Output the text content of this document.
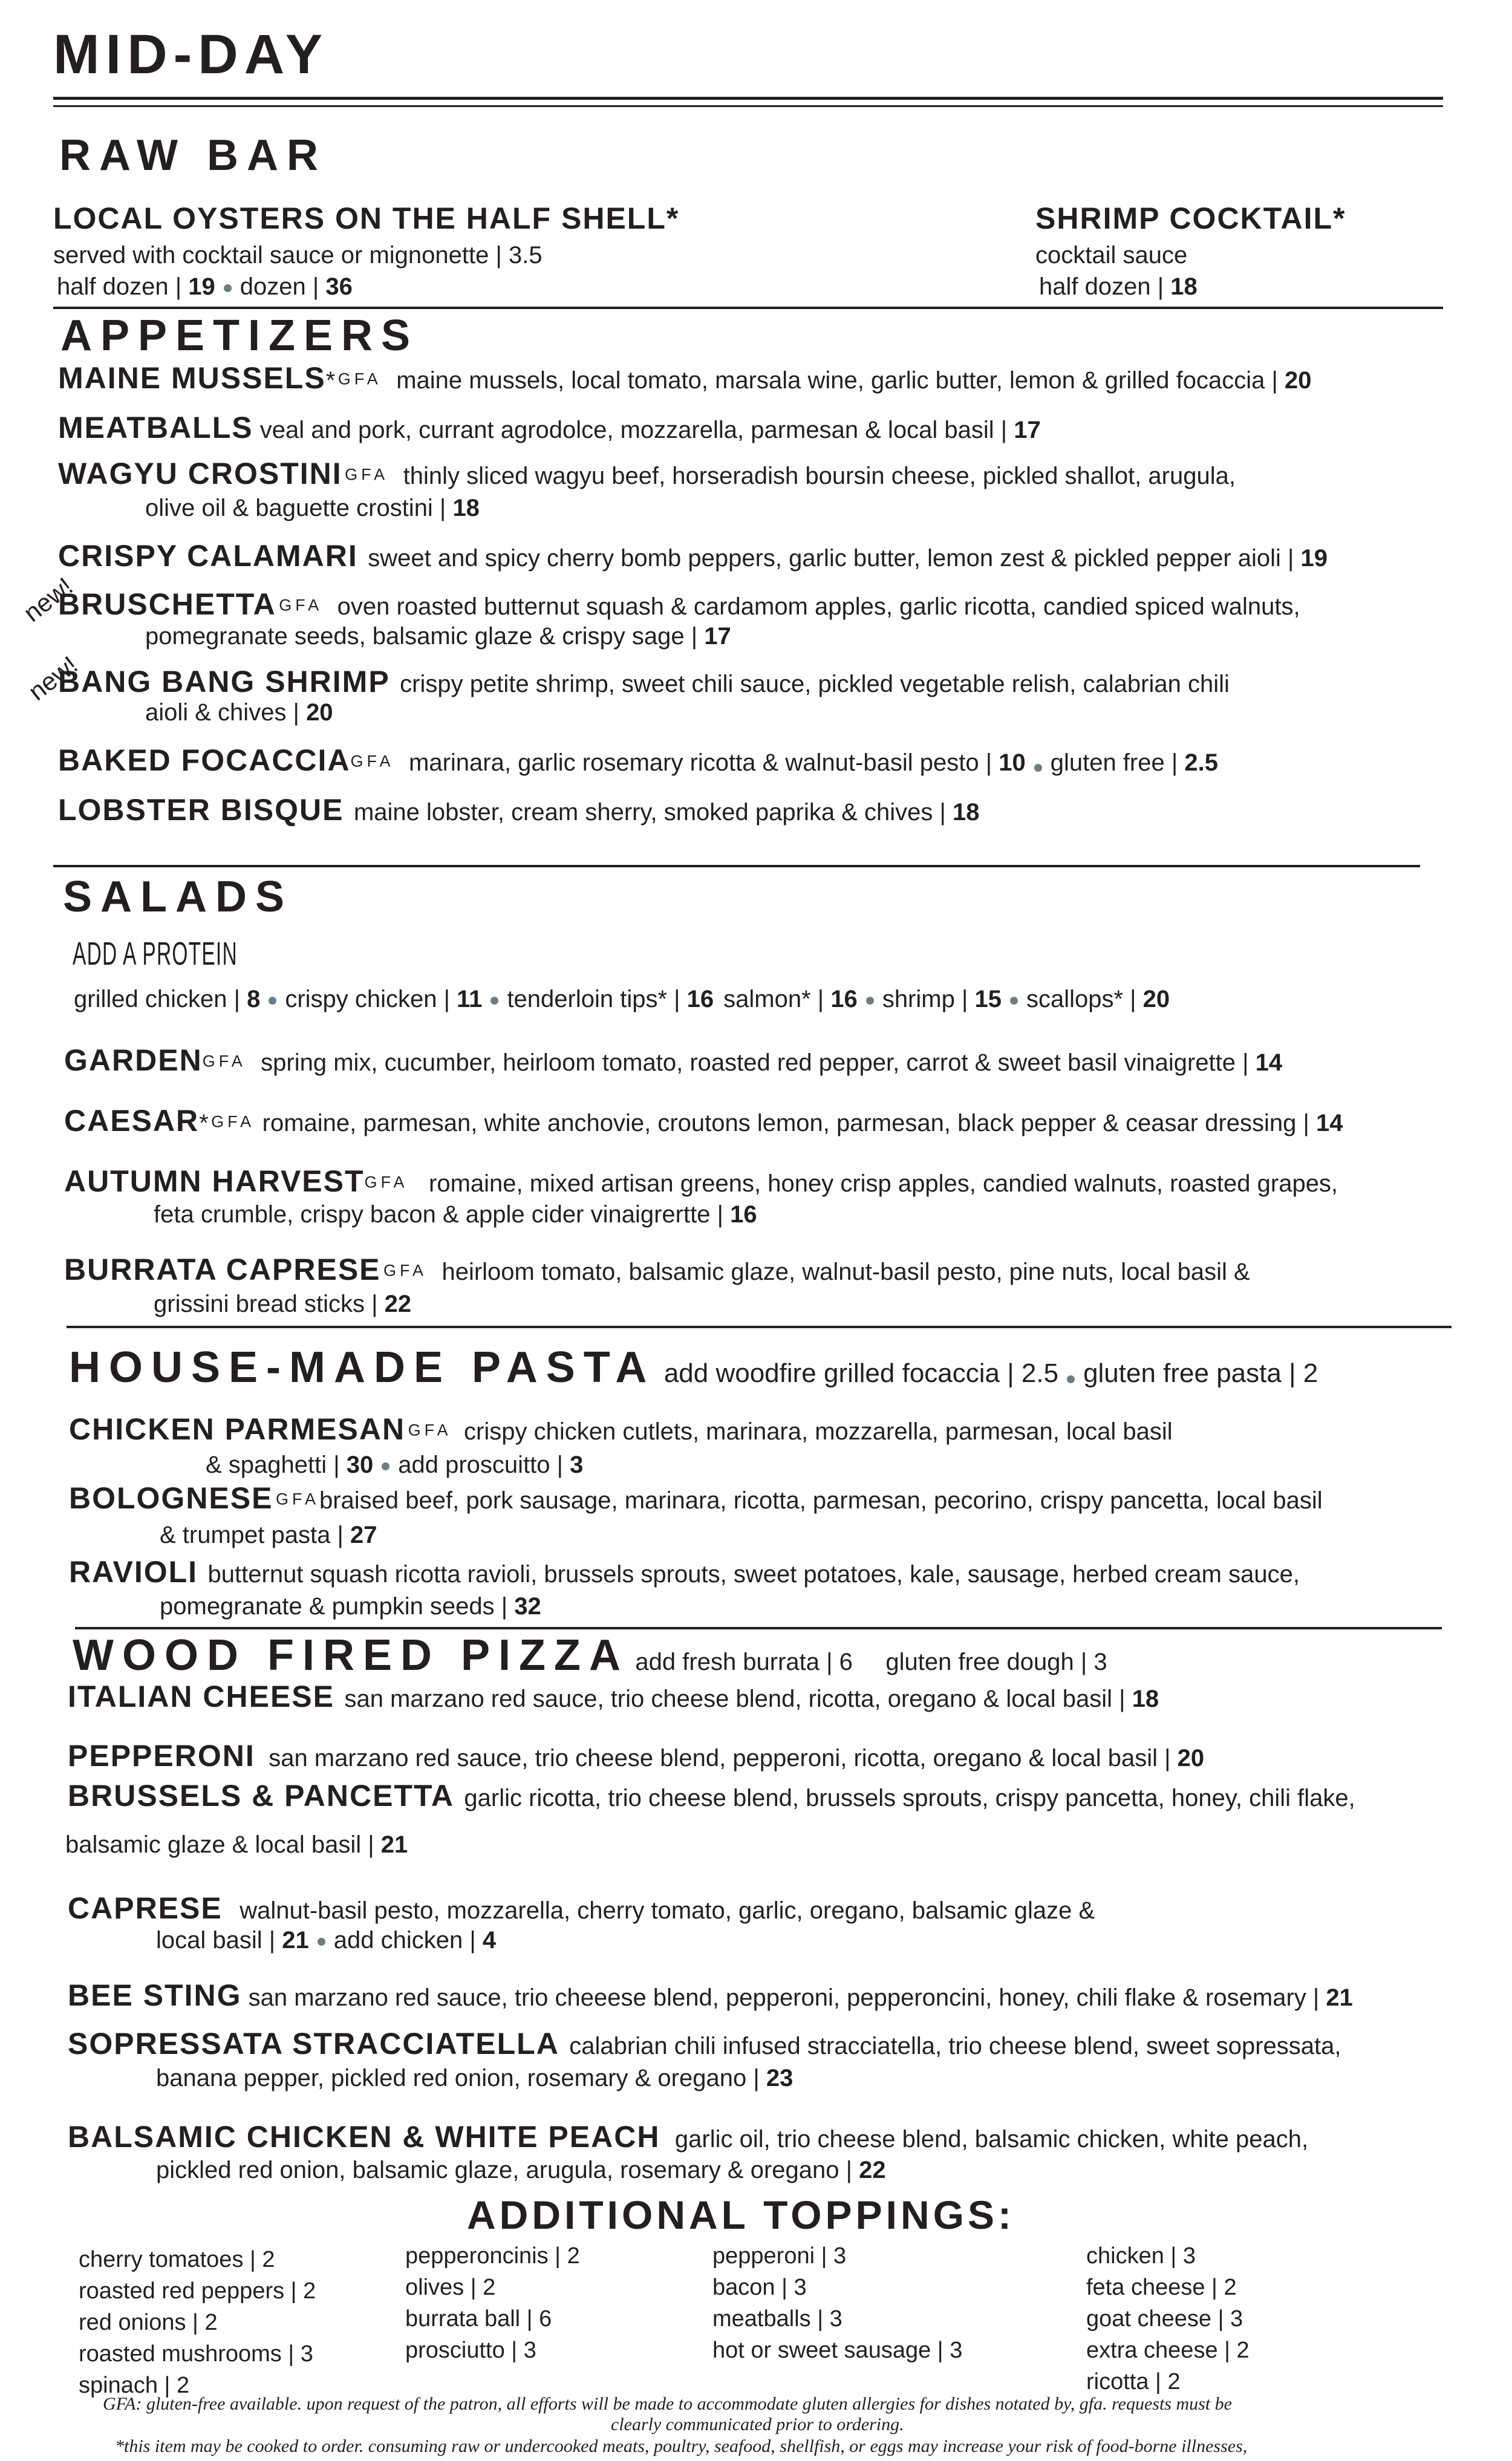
MID-DAY
RAW BAR
LOCAL OYSTERS ON THE HALF SHELL*
served with cocktail sauce or mignonette | 3.5
half dozen | 19 dozen | 36
SHRIMP COCKTAIL*
cocktail sauce
half dozen | 18
APPETIZERS
MAINE MUSSELS* GFA maine mussels, local tomato, marsala wine, garlic butter, lemon & grilled focaccia | 20
MEATBALLS veal and pork, currant agrodolce, mozzarella, parmesan & local basil | 17
WAGYU CROSTINI GFA thinly sliced wagyu beef, horseradish boursin cheese, pickled shallot, arugula,
olive oil & baguette crostini | 18
CRISPY CALAMARI sweet and spicy cherry bomb peppers, garlic butter, lemon zest & pickled pepper aioli | 19
new!
BRUSCHETTA GFA oven roasted butternut squash & cardamom apples, garlic ricotta, candied spiced walnuts,
pomegranate seeds, balsamic glaze & crispy sage | 17
new!
BANG BANG SHRIMP crispy petite shrimp, sweet chili sauce, pickled vegetable relish, calabrian chili
aioli & chives | 20
BAKED FOCACCIAGFA marinara, garlic rosemary ricotta & walnut-basil pesto | 10 gluten free | 2.5
LOBSTER BISQUE maine lobster, cream sherry, smoked paprika & chives | 18
SALADS
ADD A PROTEIN
grilled chicken | 8 crispy chicken | 11 tenderloin tips* | 16 salmon* | 16 shrimp | 15 scallops* | 20
GARDENGFA spring mix, cucumber, heirloom tomato, roasted red pepper, carrot & sweet basil vinaigrette | 14
CAESAR* GFA romaine, parmesan, white anchovie, croutons lemon, parmesan, black pepper & ceasar dressing | 14
AUTUMN HARVESTGFA romaine, mixed artisan greens, honey crisp apples, candied walnuts, roasted grapes,
feta crumble, crispy bacon & apple cider vinaigrertte | 16
BURRATA CAPRESE GFA heirloom tomato, balsamic glaze, walnut-basil pesto, pine nuts, local basil &
grissini bread sticks | 22
HOUSE-MADE PASTA add woodfire grilled focaccia | 2.5 gluten free pasta | 2
CHICKEN PARMESAN GFA crispy chicken cutlets, marinara, mozzarella, parmesan, local basil
& spaghetti | 30 add proscuitto | 3
BOLOGNESE GFAbraised beef, pork sausage, marinara, ricotta, parmesan, pecorino, crispy pancetta, local basil
& trumpet pasta | 27
RAVIOLI butternut squash ricotta ravioli, brussels sprouts, sweet potatoes, kale, sausage, herbed cream sauce,
pomegranate & pumpkin seeds | 32
WOOD FIRED PIZZA add fresh burrata | 6 gluten free dough | 3
ITALIAN CHEESE san marzano red sauce, trio cheese blend, ricotta, oregano & local basil | 18
PEPPERONI san marzano red sauce, trio cheese blend, pepperoni, ricotta, oregano & local basil | 20
BRUSSELS & PANCETTA garlic ricotta, trio cheese blend, brussels sprouts, crispy pancetta, honey, chili flake,
balsamic glaze & local basil | 21
CAPRESE walnut-basil pesto, mozzarella, cherry tomato, garlic, oregano, balsamic glaze &
local basil | 21 add chicken | 4
BEE STING san marzano red sauce, trio cheeese blend, pepperoni, pepperoncini, honey, chili flake & rosemary | 21
SOPRESSATA STRACCIATELLA calabrian chili infused stracciatella, trio cheese blend, sweet sopressata,
banana pepper, pickled red onion, rosemary & oregano | 23
BALSAMIC CHICKEN & WHITE PEACH garlic oil, trio cheese blend, balsamic chicken, white peach,
pickled red onion, balsamic glaze, arugula, rosemary & oregano | 22
ADDITIONAL TOPPINGS:
cherry tomatoes | 2
roasted red peppers | 2
red onions | 2
roasted mushrooms | 3
spinach | 2
pepperoncinis | 2
olives | 2
burrata ball | 6
prosciutto | 3
pepperoni | 3
bacon | 3
meatballs | 3
hot or sweet sausage | 3
chicken | 3
feta cheese | 2
goat cheese | 3
extra cheese | 2
ricotta | 2
GFA: gluten-free available. upon request of the patron, all efforts will be made to accommodate gluten allergies for dishes notated by, gfa. requests must be
clearly communicated prior to ordering.
*this item may be cooked to order. consuming raw or undercooked meats, poultry, seafood, shellfish, or eggs may increase your risk of food-borne illnesses,
